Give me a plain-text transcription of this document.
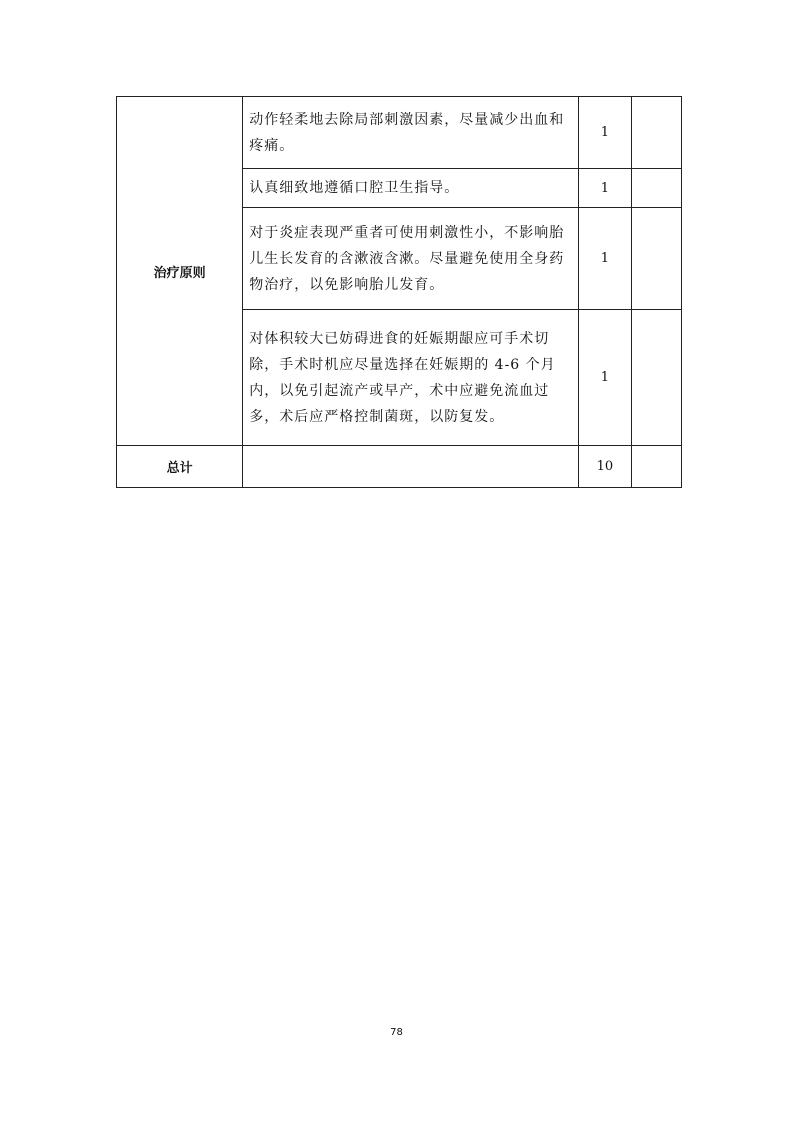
治疗原则	动作轻柔地去除局部刺激因素，尽量减少出血和疼痛。	1	
	认真细致地遵循口腔卫生指导。	1	
	对于炎症表现严重者可使用刺激性小，不影响胎儿生长发育的含漱液含漱。尽量避免使用全身药物治疗，以免影响胎儿发育。	1	
	对体积较大已妨碍进食的妊娠期龈应可手术切除，手术时机应尽量选择在妊娠期的 4-6 个月内，以免引起流产或早产，术中应避免流血过多，术后应严格控制菌斑，以防复发。	1	
总计		10	
78
